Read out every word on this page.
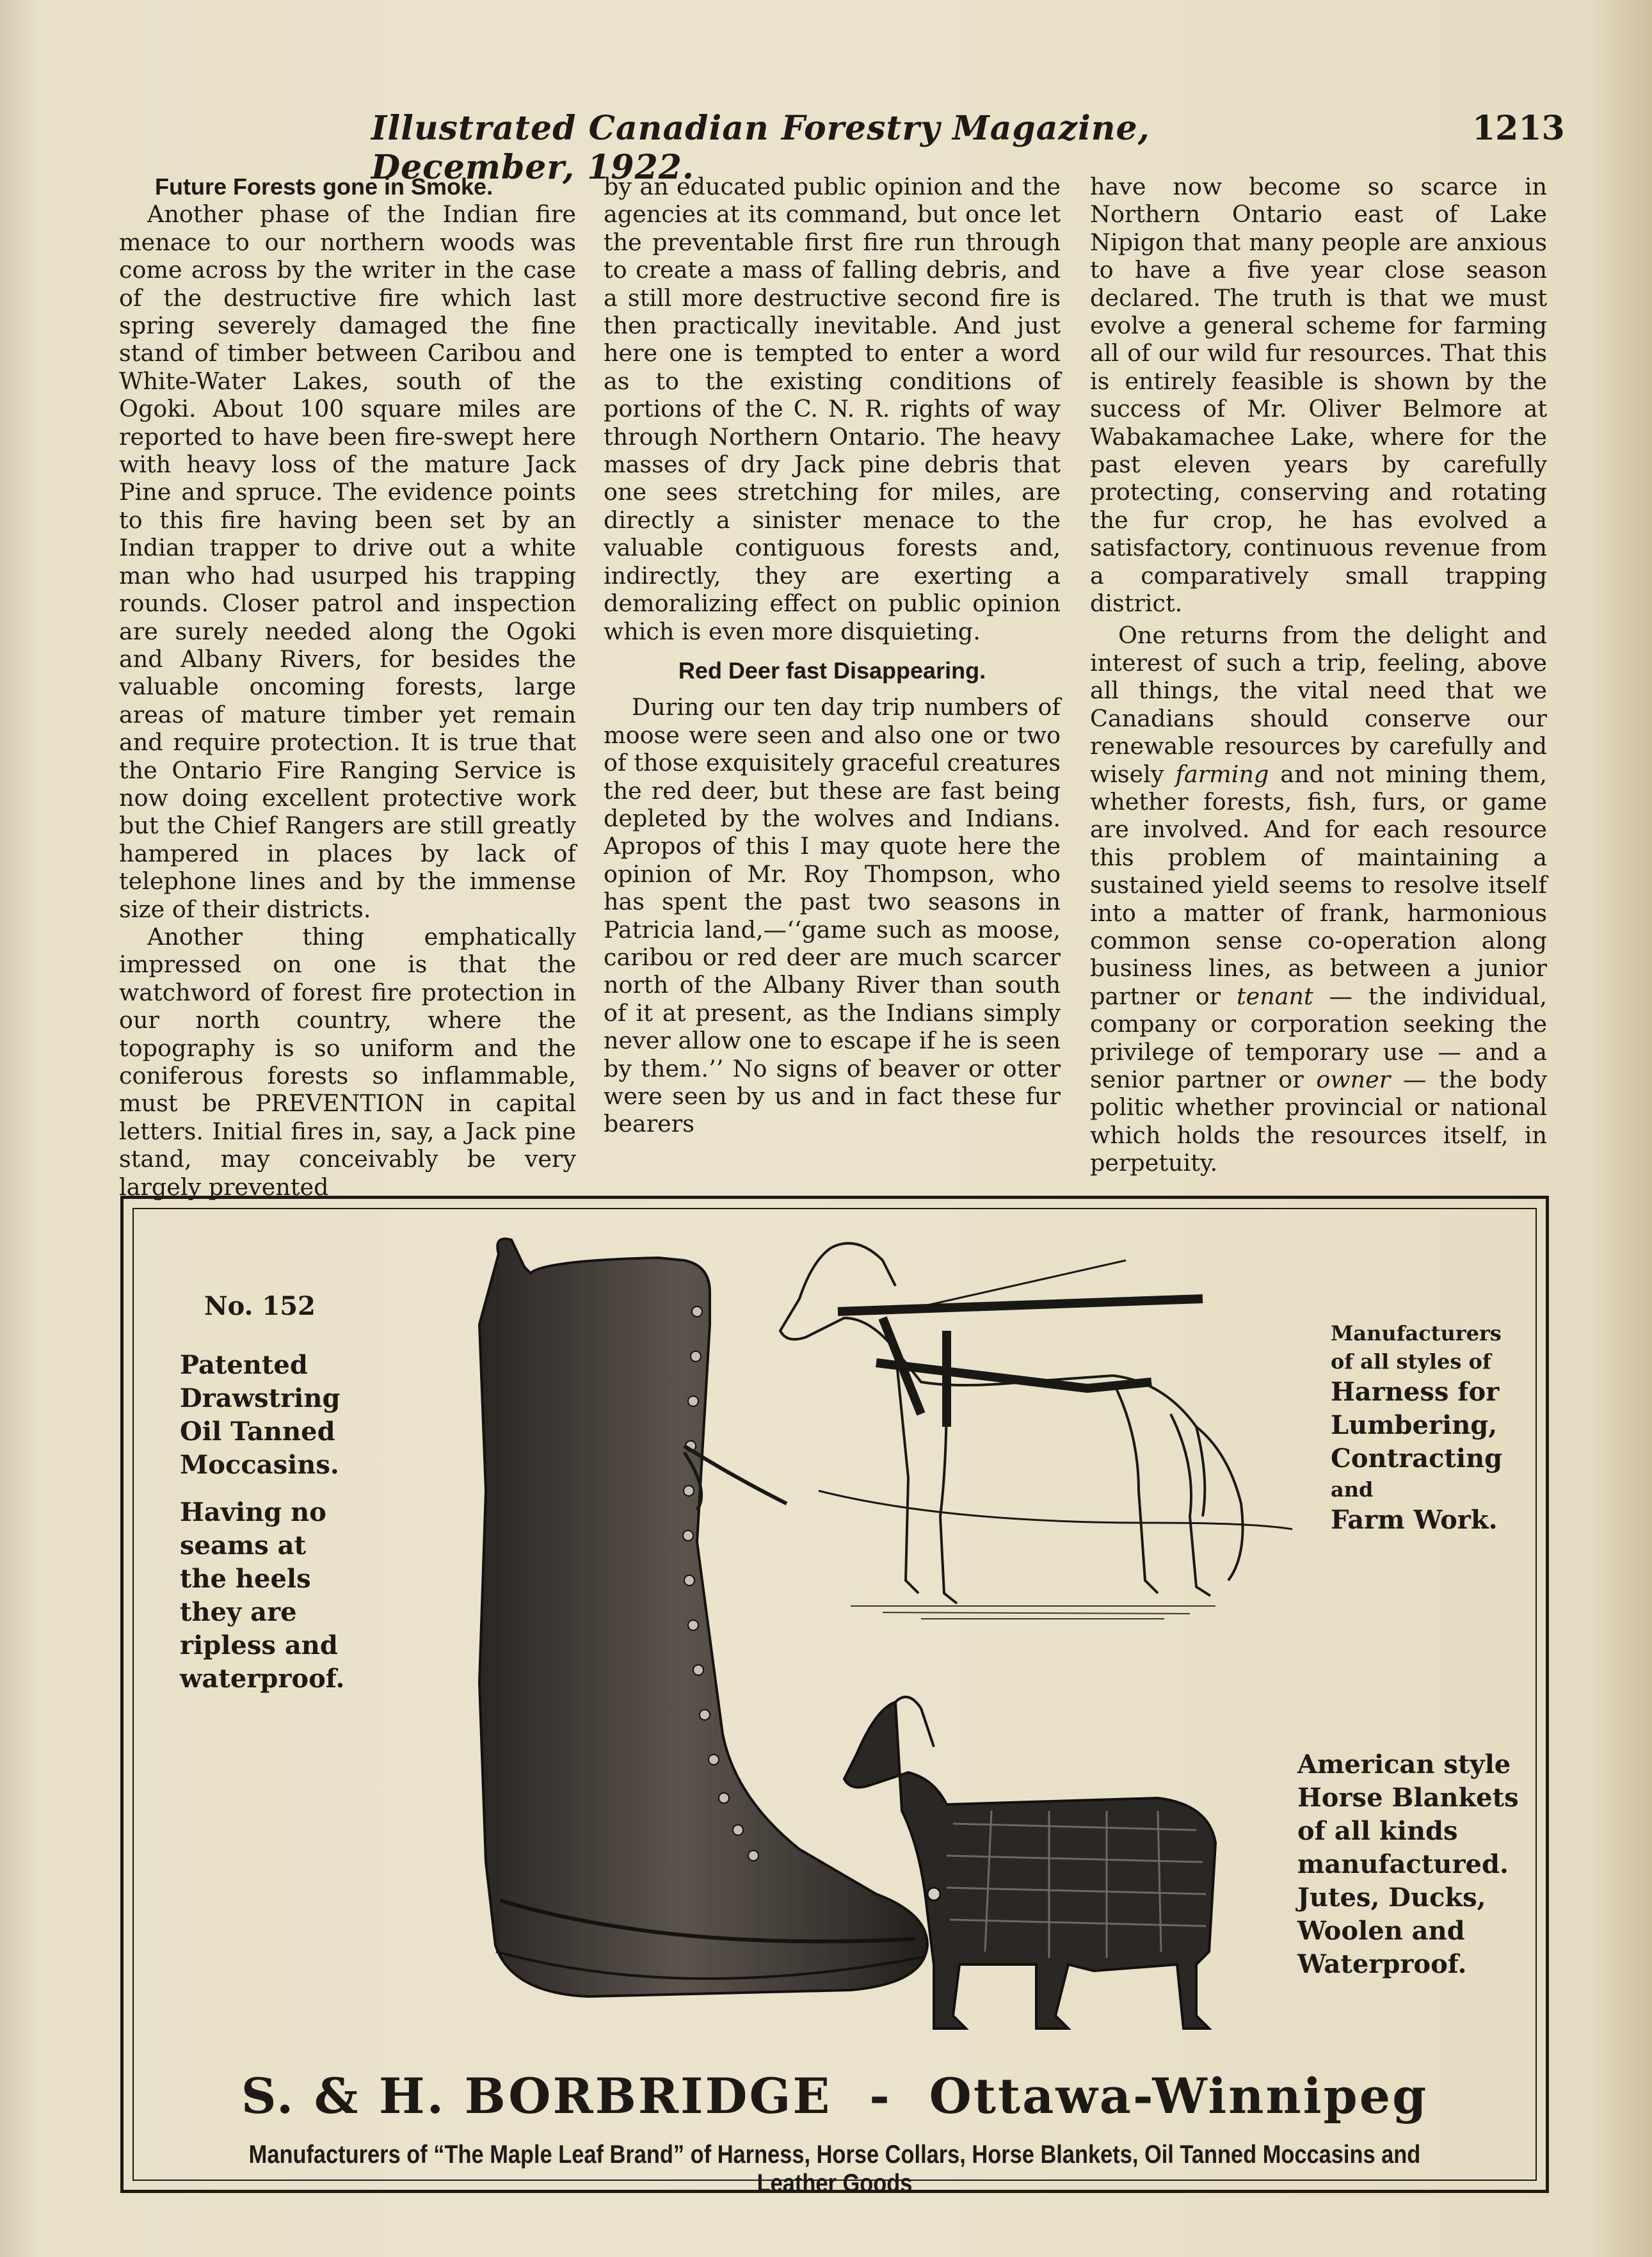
Illustrated Canadian Forestry Magazine, December, 1922.
1213
Future Forests gone in Smoke.

Another phase of the Indian fire menace to our northern woods was come across by the writer in the case of the destructive fire which last spring severely damaged the fine stand of timber between Caribou and White-Water Lakes, south of the Ogoki. About 100 square miles are reported to have been fire-swept here with heavy loss of the mature Jack Pine and spruce. The evidence points to this fire having been set by an Indian trapper to drive out a white man who had usurped his trapping rounds. Closer patrol and inspection are surely needed along the Ogoki and Albany Rivers, for besides the valuable oncoming forests, large areas of mature timber yet remain and require protection. It is true that the Ontario Fire Ranging Service is now doing excellent protective work but the Chief Rangers are still greatly hampered in places by lack of telephone lines and by the immense size of their districts.

Another thing emphatically impressed on one is that the watchword of forest fire protection in our north country, where the topography is so uniform and the coniferous forests so inflammable, must be PREVENTION in capital letters. Initial fires in, say, a Jack pine stand, may conceivably be very largely prevented

by an educated public opinion and the agencies at its command, but once let the preventable first fire run through to create a mass of falling debris, and a still more destructive second fire is then practically inevitable. And just here one is tempted to enter a word as to the existing conditions of portions of the C. N. R. rights of way through Northern Ontario. The heavy masses of dry Jack pine debris that one sees stretching for miles, are directly a sinister menace to the valuable contiguous forests and, indirectly, they are exerting a demoralizing effect on public opinion which is even more disquieting.

Red Deer fast Disappearing.

During our ten day trip numbers of moose were seen and also one or two of those exquisitely graceful creatures the red deer, but these are fast being depleted by the wolves and Indians. Apropos of this I may quote here the opinion of Mr. Roy Thompson, who has spent the past two seasons in Patricia land,—‘‘game such as moose, caribou or red deer are much scarcer north of the Albany River than south of it at present, as the Indians simply never allow one to escape if he is seen by them.’’ No signs of beaver or otter were seen by us and in fact these fur bearers

have now become so scarce in Northern Ontario east of Lake Nipigon that many people are anxious to have a five year close season declared. The truth is that we must evolve a general scheme for farming all of our wild fur resources. That this is entirely feasible is shown by the success of Mr. Oliver Belmore at Wabakamachee Lake, where for the past eleven years by carefully protecting, conserving and rotating the fur crop, he has evolved a satisfactory, continuous revenue from a comparatively small trapping district.

One returns from the delight and interest of such a trip, feeling, above all things, the vital need that we Canadians should conserve our renewable resources by carefully and wisely farming and not mining them, whether forests, fish, furs, or game are involved. And for each resource this problem of maintaining a sustained yield seems to resolve itself into a matter of frank, harmonious common sense co-operation along business lines, as between a junior partner or tenant — the individual, company or corporation seeking the privilege of temporary use — and a senior partner or owner — the body politic whether provincial or national which holds the resources itself, in perpetuity.

No. 152
Patented
Drawstring
Oil Tanned
Moccasins.
Having no
seams at
the heels
they are
ripless and
waterproof.
Manufacturers
of all styles of
Harness for
Lumbering,
Contracting
and
Farm Work.
American style
Horse Blankets
of all kinds
manufactured.
Jutes, Ducks,
Woolen and
Waterproof.
S. & H. BORBRIDGE  -  Ottawa-Winnipeg
Manufacturers of “The Maple Leaf Brand” of Harness, Horse Collars, Horse Blankets, Oil Tanned Moccasins and Leather Goods
